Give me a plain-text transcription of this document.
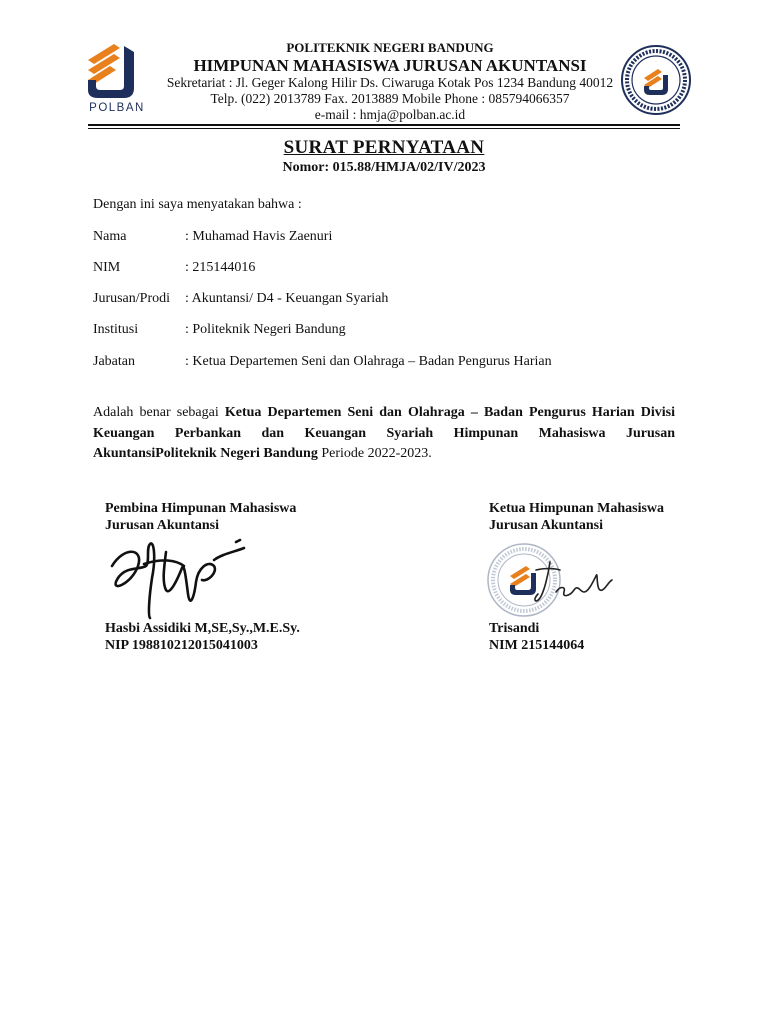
POLBAN
POLITEKNIK NEGERI BANDUNG
HIMPUNAN MAHASISWA JURUSAN AKUNTANSI
Sekretariat : Jl. Geger Kalong Hilir Ds. Ciwaruga Kotak Pos 1234 Bandung 40012
Telp. (022) 2013789 Fax. 2013889 Mobile Phone : 085794066357
e-mail : hmja@polban.ac.id
SURAT PERNYATAAN
Nomor: 015.88/HMJA/02/IV/2023
Dengan ini saya menyatakan bahwa :
Nama	: Muhamad Havis Zaenuri
NIM	: 215144016
Jurusan/Prodi	: Akuntansi/ D4 - Keuangan Syariah
Institusi	: Politeknik Negeri Bandung
Jabatan	: Ketua Departemen Seni dan Olahraga – Badan Pengurus Harian
Adalah benar sebagai Ketua Departemen Seni dan Olahraga – Badan Pengurus Harian Divisi Keuangan Perbankan dan Keuangan Syariah Himpunan Mahasiswa Jurusan AkuntansiPoliteknik Negeri Bandung Periode 2022-2023.
Pembina Himpunan Mahasiswa
Jurusan Akuntansi
Hasbi Assidiki M,SE,Sy.,M.E.Sy.
NIP 198810212015041003
Ketua Himpunan Mahasiswa
Jurusan Akuntansi
Trisandi
NIM 215144064
